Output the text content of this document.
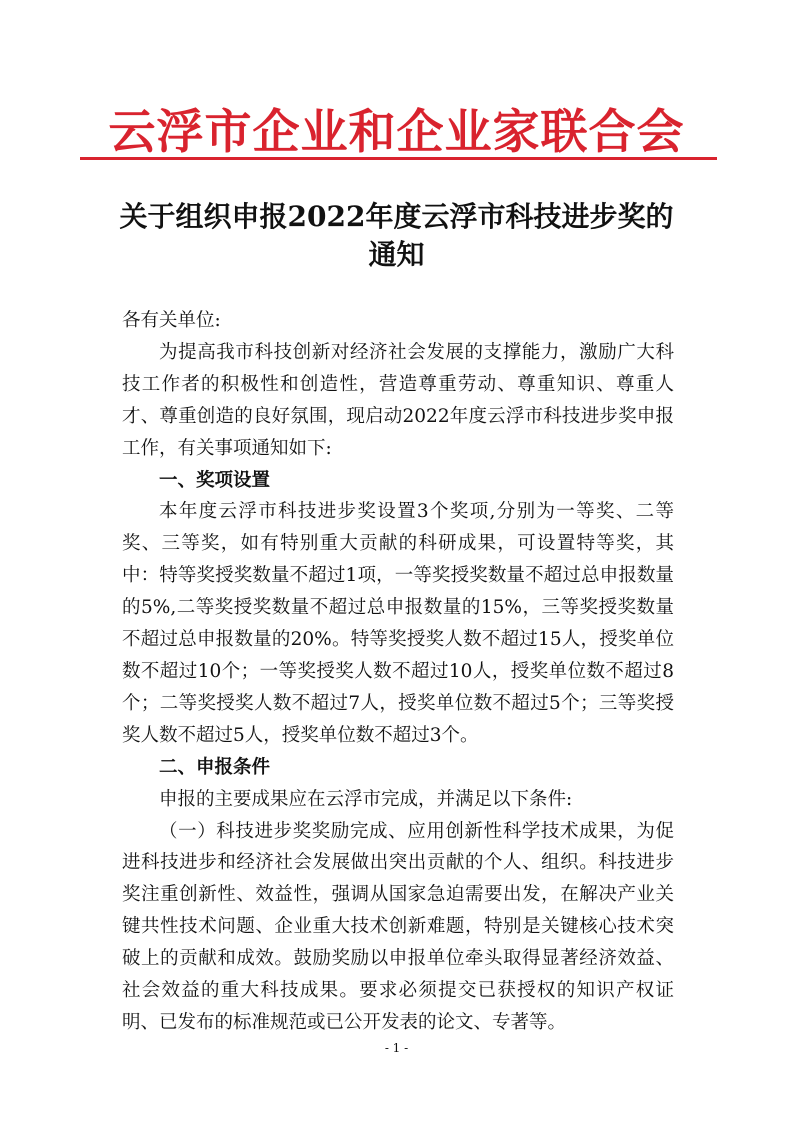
云浮市企业和企业家联合会
关于组织申报2022年度云浮市科技进步奖的
通知

各有关单位:

为提高我市科技创新对经济社会发展的支撑能力，激励广大科技工作者的积极性和创造性，营造尊重劳动、尊重知识、尊重人才、尊重创造的良好氛围，现启动2022年度云浮市科技进步奖申报工作，有关事项通知如下:

一、奖项设置

本年度云浮市科技进步奖设置3个奖项,分别为一等奖、二等奖、三等奖，如有特别重大贡献的科研成果，可设置特等奖，其中：特等奖授奖数量不超过1项，一等奖授奖数量不超过总申报数量的5%,二等奖授奖数量不超过总申报数量的15%，三等奖授奖数量不超过总申报数量的20%。特等奖授奖人数不超过15人，授奖单位数不超过10个；一等奖授奖人数不超过10人，授奖单位数不超过8个；二等奖授奖人数不超过7人，授奖单位数不超过5个；三等奖授奖人数不超过5人，授奖单位数不超过3个。

二、申报条件

申报的主要成果应在云浮市完成，并满足以下条件:

（一）科技进步奖奖励完成、应用创新性科学技术成果，为促进科技进步和经济社会发展做出突出贡献的个人、组织。科技进步奖注重创新性、效益性，强调从国家急迫需要出发，在解决产业关键共性技术问题、企业重大技术创新难题，特别是关键核心技术突破上的贡献和成效。鼓励奖励以申报单位牵头取得显著经济效益、社会效益的重大科技成果。要求必须提交已获授权的知识产权证明、已发布的标准规范或已公开发表的论文、专著等。

- 1 -
